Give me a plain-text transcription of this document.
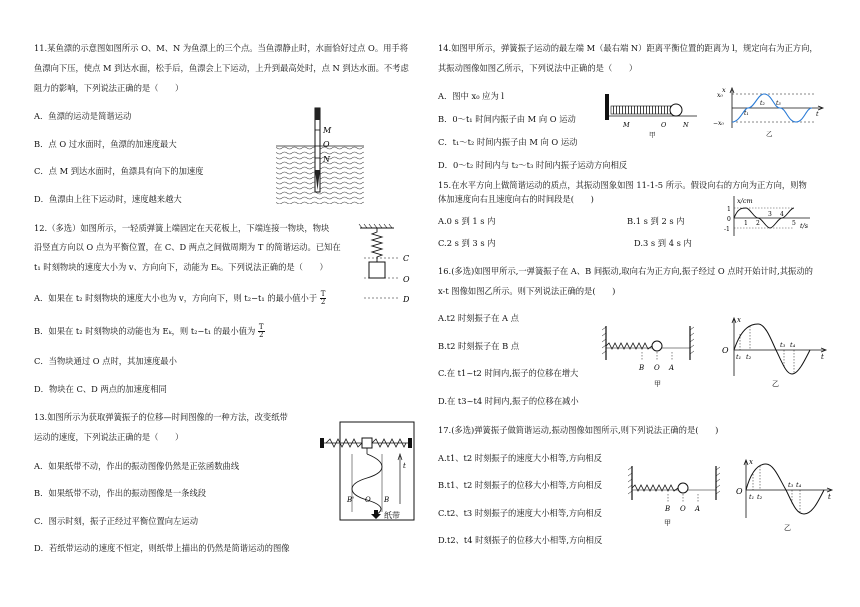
11.某鱼漂的示意图如图所示 O、M、N 为鱼漂上的三个点。当鱼漂静止时，水面恰好过点 O。用手将
鱼漂向下压，使点 M 到达水面，松手后，鱼漂会上下运动，上升到最高处时，点 N 到达水面。不考虑
阻力的影响，下列说法正确的是（　　）
A．鱼漂的运动是简谐运动
B．点 O 过水面时，鱼漂的加速度最大
C．点 M 到达水面时，鱼漂具有向下的加速度
D．鱼漂由上往下运动时，速度越来越大
M
O
N
12.（多选）如图所示，一轻质弹簧上端固定在天花板上，下端连接一物块，物块
沿竖直方向以 O 点为平衡位置，在 C、D 两点之间做周期为 T 的简谐运动。已知在
t₁ 时刻物块的速度大小为 v、方向向下，动能为 Eₖ。下列说法正确的是（　　）
A．如果在 t₂ 时刻物块的速度大小也为 v，方向向下，则 t₂−t₁ 的最小值小于 $\frac{T}{2}$
B．如果在 t₂ 时刻物块的动能也为 Eₖ，则 t₂−t₁ 的最小值为 $\frac{T}{2}$
C．当物块通过 O 点时，其加速度最小
D．物块在 C、D 两点的加速度相同
C
O
D
13.如图所示为获取弹簧振子的位移—时间图像的一种方法，改变纸带
运动的速度，下列说法正确的是（　　）
A．如果纸带不动，作出的振动图像仍然是正弦函数曲线
B．如果纸带不动，作出的振动图像是一条线段
C．图示时刻，振子正经过平衡位置向左运动
D．若纸带运动的速度不恒定，则纸带上描出的仍然是简谐运动的图像
t
B' O B
纸带
14.如图甲所示，弹簧振子运动的最左端 M（最右端 N）距离平衡位置的距离为 l，规定向右为正方向，
其振动图像如图乙所示，下列说法中正确的是（　　）
A．图中 x₀ 应为 l
B．0～t₁ 时间内振子由 M 向 O 运动
C．t₁～t₂ 时间内振子由 M 向 O 运动
D．0～t₂ 时间内与 t₂～t₃ 时间内振子运动方向相反
M	O	N
甲
x
x₀
−x₀
t₁
t₂ t₃
t
乙
15.在水平方向上做简谐运动的质点，其振动图象如图 11-1-5 所示。假设向右的方向为正方向，则物
体加速度向右且速度向右的时间段是(　　)
A.0 s 到 1 s 内	B.1 s 到 2 s 内
C.2 s 到 3 s 内	D.3 s 到 4 s 内
x/cm
1
0
-1
1 2
3 4
5 t/s
16.(多选)如图甲所示,一弹簧振子在 A、B 间振动,取向右为正方向,振子经过 O 点时开始计时,其振动的
x-t 图像如图乙所示。则下列说法正确的是(　　)
A.t2 时刻振子在 A 点
B.t2 时刻振子在 B 点
C.在 t1~t2 时间内,振子的位移在增大
D.在 t3~t4 时间内,振子的位移在减小
B O A
甲
x
O
t₁ t₂
t₃ t₄
t
乙
17.(多选)弹簧振子做简谐运动,振动图像如图所示,则下列说法正确的是(　　)
A.t1、t2 时刻振子的速度大小相等,方向相反
B.t1、t2 时刻振子的位移大小相等,方向相反
C.t2、t3 时刻振子的速度大小相等,方向相反
D.t2、t4 时刻振子的位移大小相等,方向相反
B O A
甲
x
O
t₁ t₂
t₃ t₄
t
乙
